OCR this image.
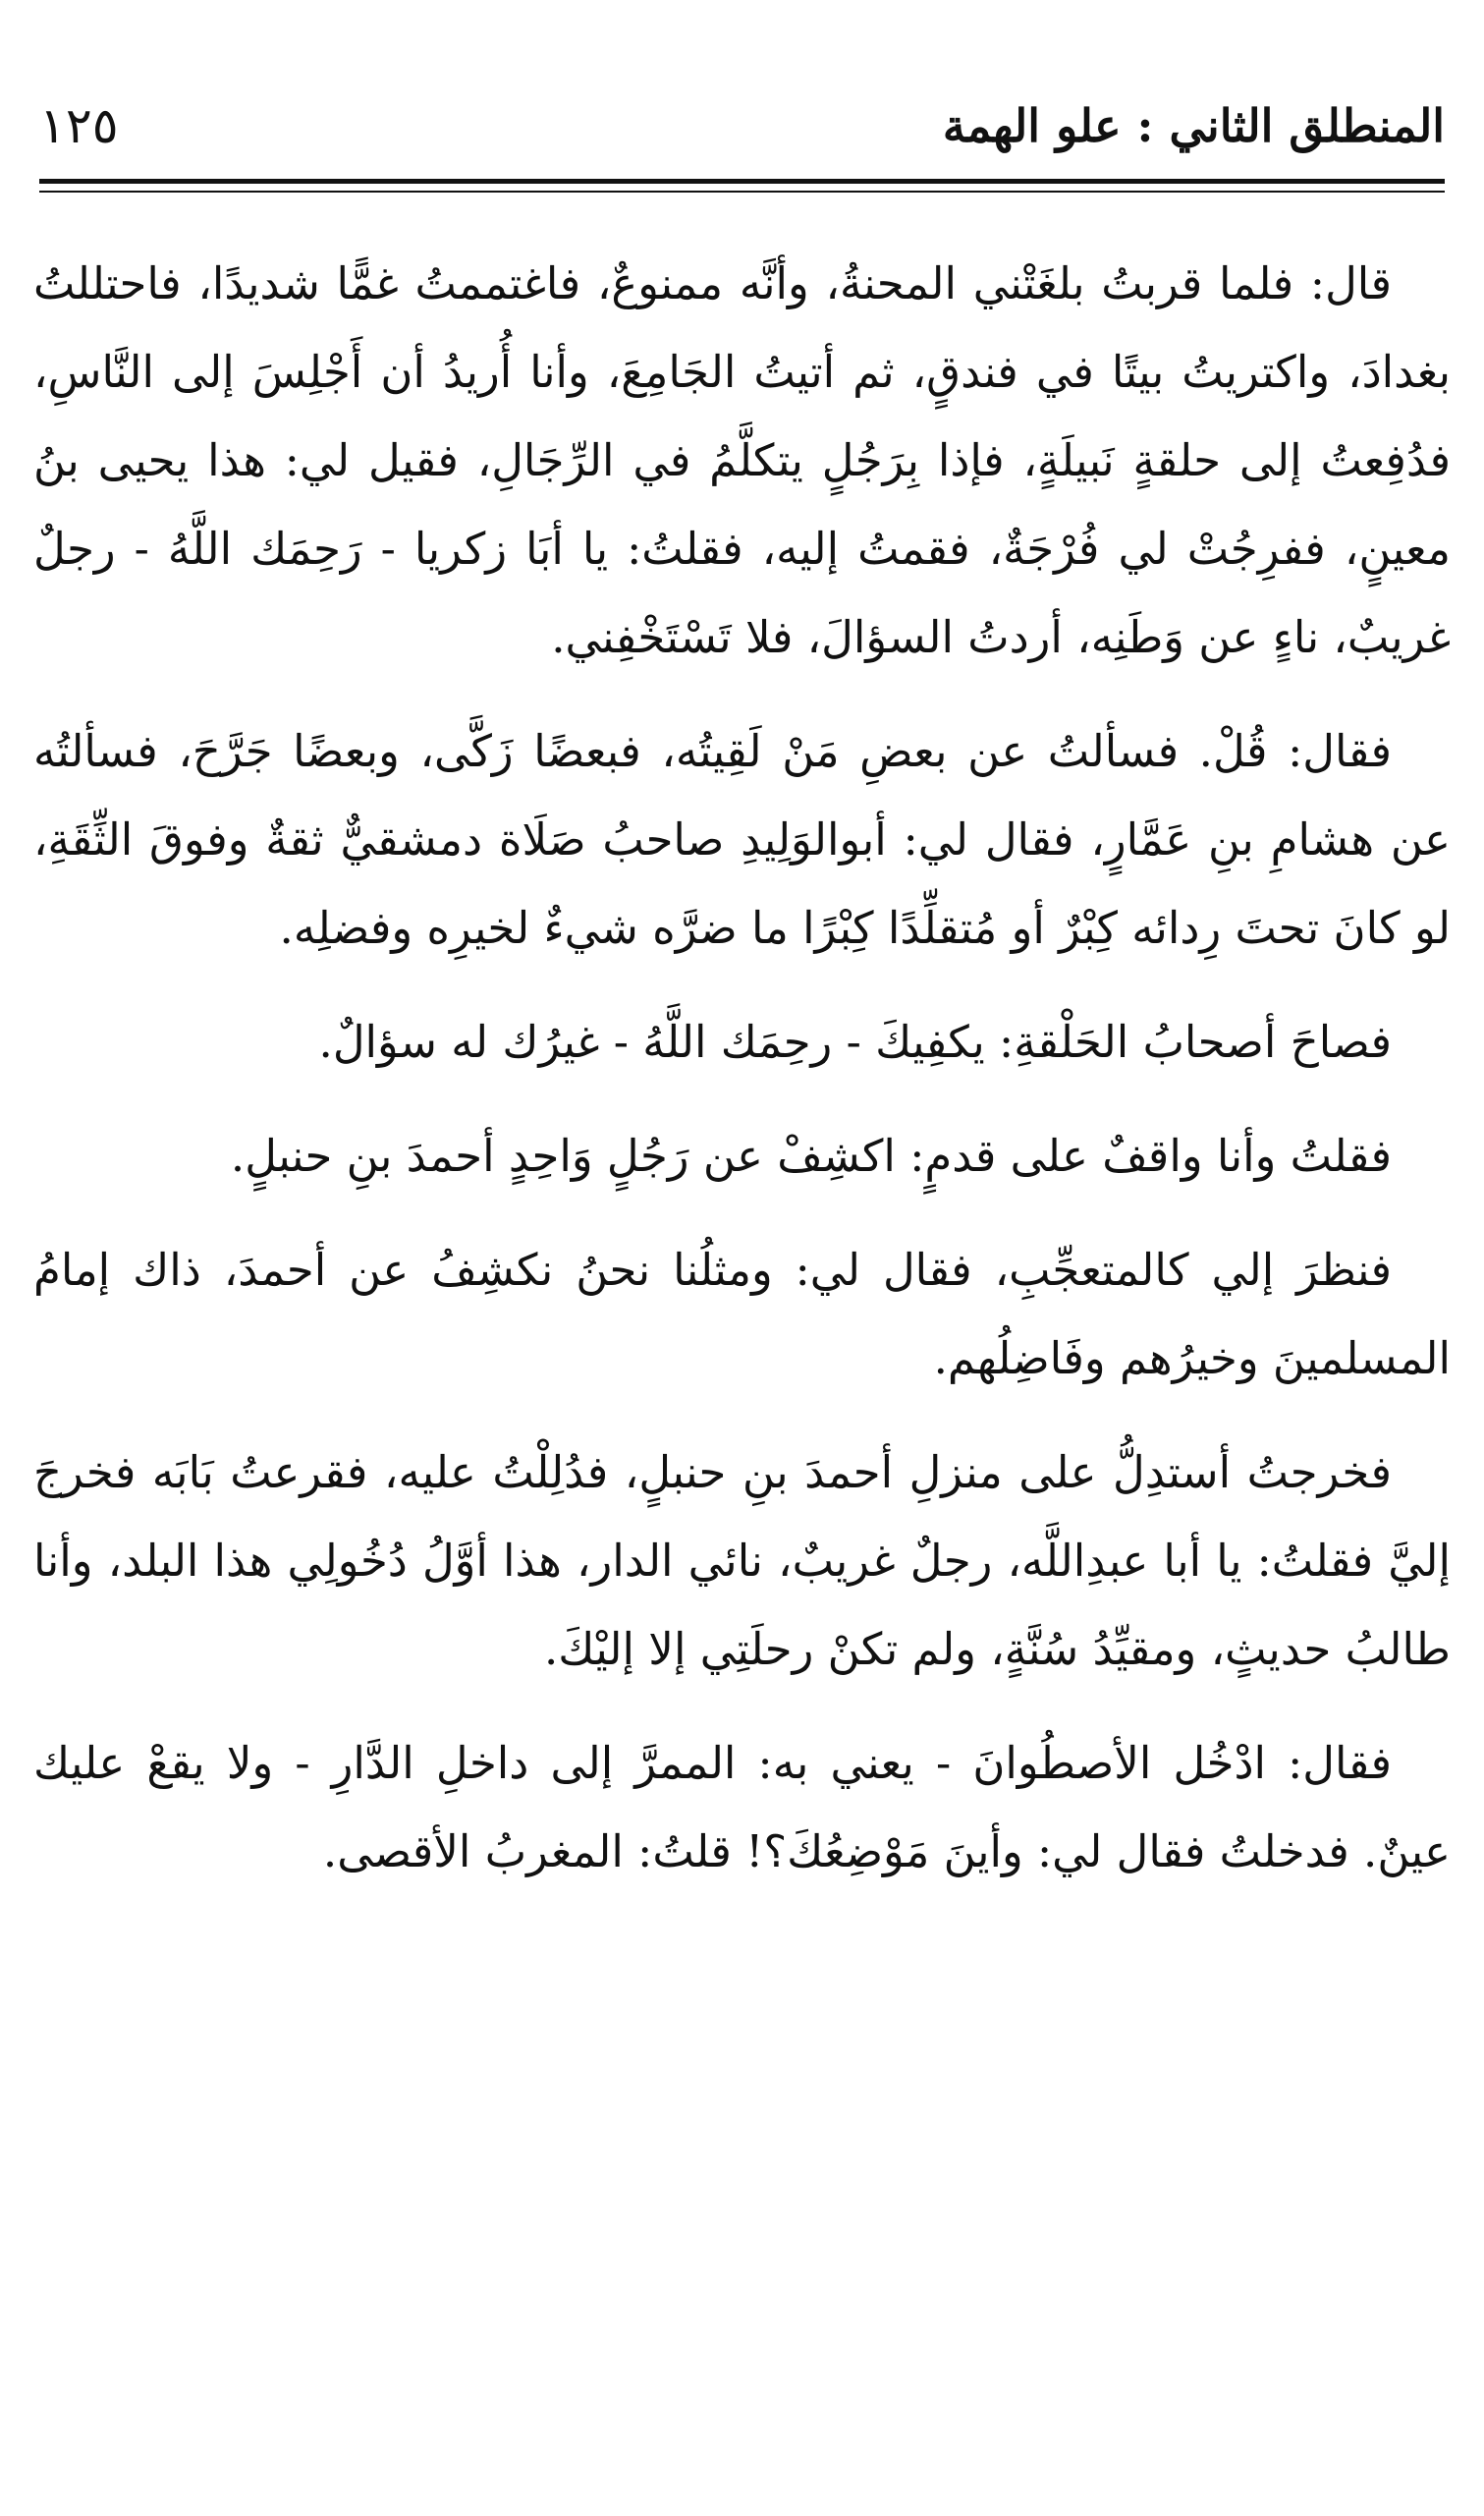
المنطلق الثاني : علو الهمة
١٢٥

قال: فلما قربتُ بلغَتْني المحنةُ، وأنَّه ممنوعٌ، فاغتممتُ غمًّا شديدًا، فاحتللتُ بغدادَ، واكتريتُ بيتًا في فندقٍ، ثم أتيتُ الجَامِعَ، وأنا أُريدُ أن أَجْلِسَ إلى النَّاسِ، فدُفِعتُ إلى حلقةٍ نَبيلَةٍ، فإذا بِرَجُلٍ يتكلَّمُ في الرِّجَالِ، فقيل لي: هذا يحيى بنُ معينٍ، ففرِجُتْ لي فُرْجَةٌ، فقمتُ إليه، فقلتُ: يا أبَا زكريا - رَحِمَك اللَّهُ - رجلٌ غريبٌ، ناءٍ عن وَطَنِه، أردتُ السؤالَ، فلا تَسْتَخْفِني.

فقال: قُلْ. فسألتُ عن بعضِ مَنْ لَقِيتُه، فبعضًا زَكَّى، وبعضًا جَرَّحَ، فسألتُه عن هشامِ بنِ عَمَّارٍ، فقال لي: أبوالوَلِيدِ صاحبُ صَلَاة دمشقيٌّ ثقةٌ وفوقَ الثِّقَةِ، لو كانَ تحتَ رِدائه كِبْرٌ أو مُتقلِّدًا كِبْرًا ما ضرَّه شيءٌ لخيرِه وفضلِه.

فصاحَ أصحابُ الحَلْقةِ: يكفِيكَ - رحِمَك اللَّهُ - غيرُك له سؤالٌ.

فقلتُ وأنا واقفٌ على قدمٍ: اكشِفْ عن رَجُلٍ وَاحِدٍ أحمدَ بنِ حنبلٍ.

فنظرَ إلي كالمتعجِّبِ، فقال لي: ومثلُنا نحنُ نكشِفُ عن أحمدَ، ذاك إمامُ المسلمينَ وخيرُهم وفَاضِلُهم.

فخرجتُ أستدِلُّ على منزلِ أحمدَ بنِ حنبلٍ، فدُلِلْتُ عليه، فقرعتُ بَابَه فخرجَ إليَّ فقلتُ: يا أبا عبدِاللَّه، رجلٌ غريبٌ، نائي الدار، هذا أوَّلُ دُخُولِي هذا البلد، وأنا طالبُ حديثٍ، ومقيِّدُ سُنَّةٍ، ولم تكنْ رحلَتِي إلا إليْكَ.

فقال: ادْخُل الأصطُوانَ - يعني به: الممرَّ إلى داخلِ الدَّارِ - ولا يقعْ عليك عينٌ. فدخلتُ فقال لي: وأينَ مَوْضِعُكَ؟! قلتُ: المغربُ الأقصى.
